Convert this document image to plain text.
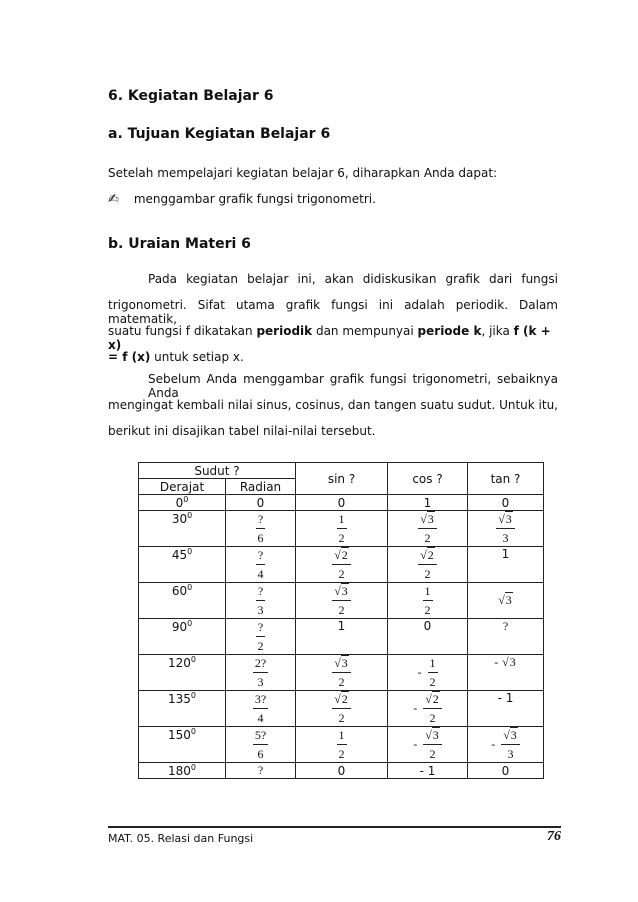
6. Kegiatan Belajar 6
a. Tujuan Kegiatan Belajar 6
Setelah mempelajari kegiatan belajar 6, diharapkan Anda dapat:
✍ menggambar grafik fungsi trigonometri.
b. Uraian Materi 6
Pada kegiatan belajar ini, akan didiskusikan grafik dari fungsi
trigonometri. Sifat utama grafik fungsi ini adalah periodik. Dalam matematik,
suatu fungsi f dikatakan periodik dan mempunyai periode k, jika f (k + x)
= f (x) untuk setiap x.
Sebelum Anda menggambar grafik fungsi trigonometri, sebaiknya Anda
mengingat kembali nilai sinus, cosinus, dan tangen suatu sudut. Untuk itu,
berikut ini disajikan tabel nilai-nilai tersebut.
Sudut ?		sin ?	cos ?	tan ?
Derajat	Radian			
$0^0$	0	0	1	0
$30^0$	$\frac{?}{6}$	$\frac{1}{2}$	$\frac{√3}{2}$	$\frac{√3}{3}$

$45^0$	$\frac{?}{4}$	$\frac{√2}{2}$	$\frac{√2}{2}$	1
$60^0$	$\frac{?}{3}$	$\frac{√3}{2}$	$\frac{1}{2}$	√3
$90^0$	$\frac{?}{2}$	1	0	?
$120^0$	$\frac{2?}{3}$	$\frac{√3}{2}$	- $\frac{1}{2}$	- √3
$135^0$	$\frac{3?}{4}$	$\frac{√2}{2}$	- $\frac{√2}{2}$	- 1
$150^0$	$\frac{5?}{6}$	$\frac{1}{2}$	- $\frac{√3}{2}$	- $\frac{√3}{3}$

$180^0$	?	0	- 1	0
MAT. 05. Relasi dan Fungsi	76
